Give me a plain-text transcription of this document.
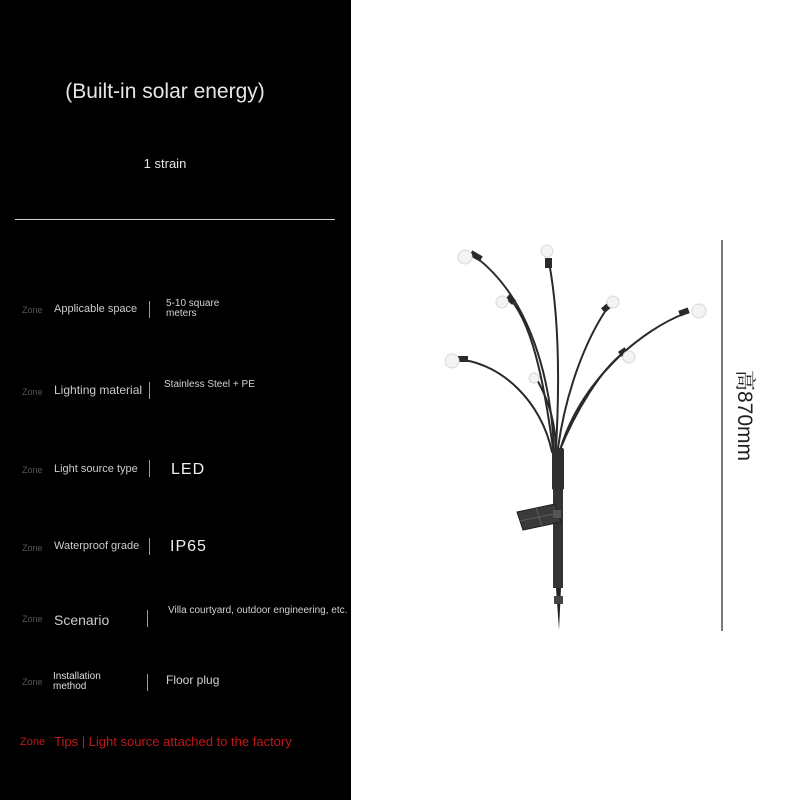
(Built-in solar energy)
1 strain
Zone Applicable space	5-10 square meters
Zone Lighting material Stainless Steel + PE
Zone Light source type LED
Zone Waterproof grade IP65
Zone Scenario
Villa courtyard, outdoor engineering, etc.
Zone Installation method	Floor plug
Zone Tips | Light source attached to the factory
高870mm
